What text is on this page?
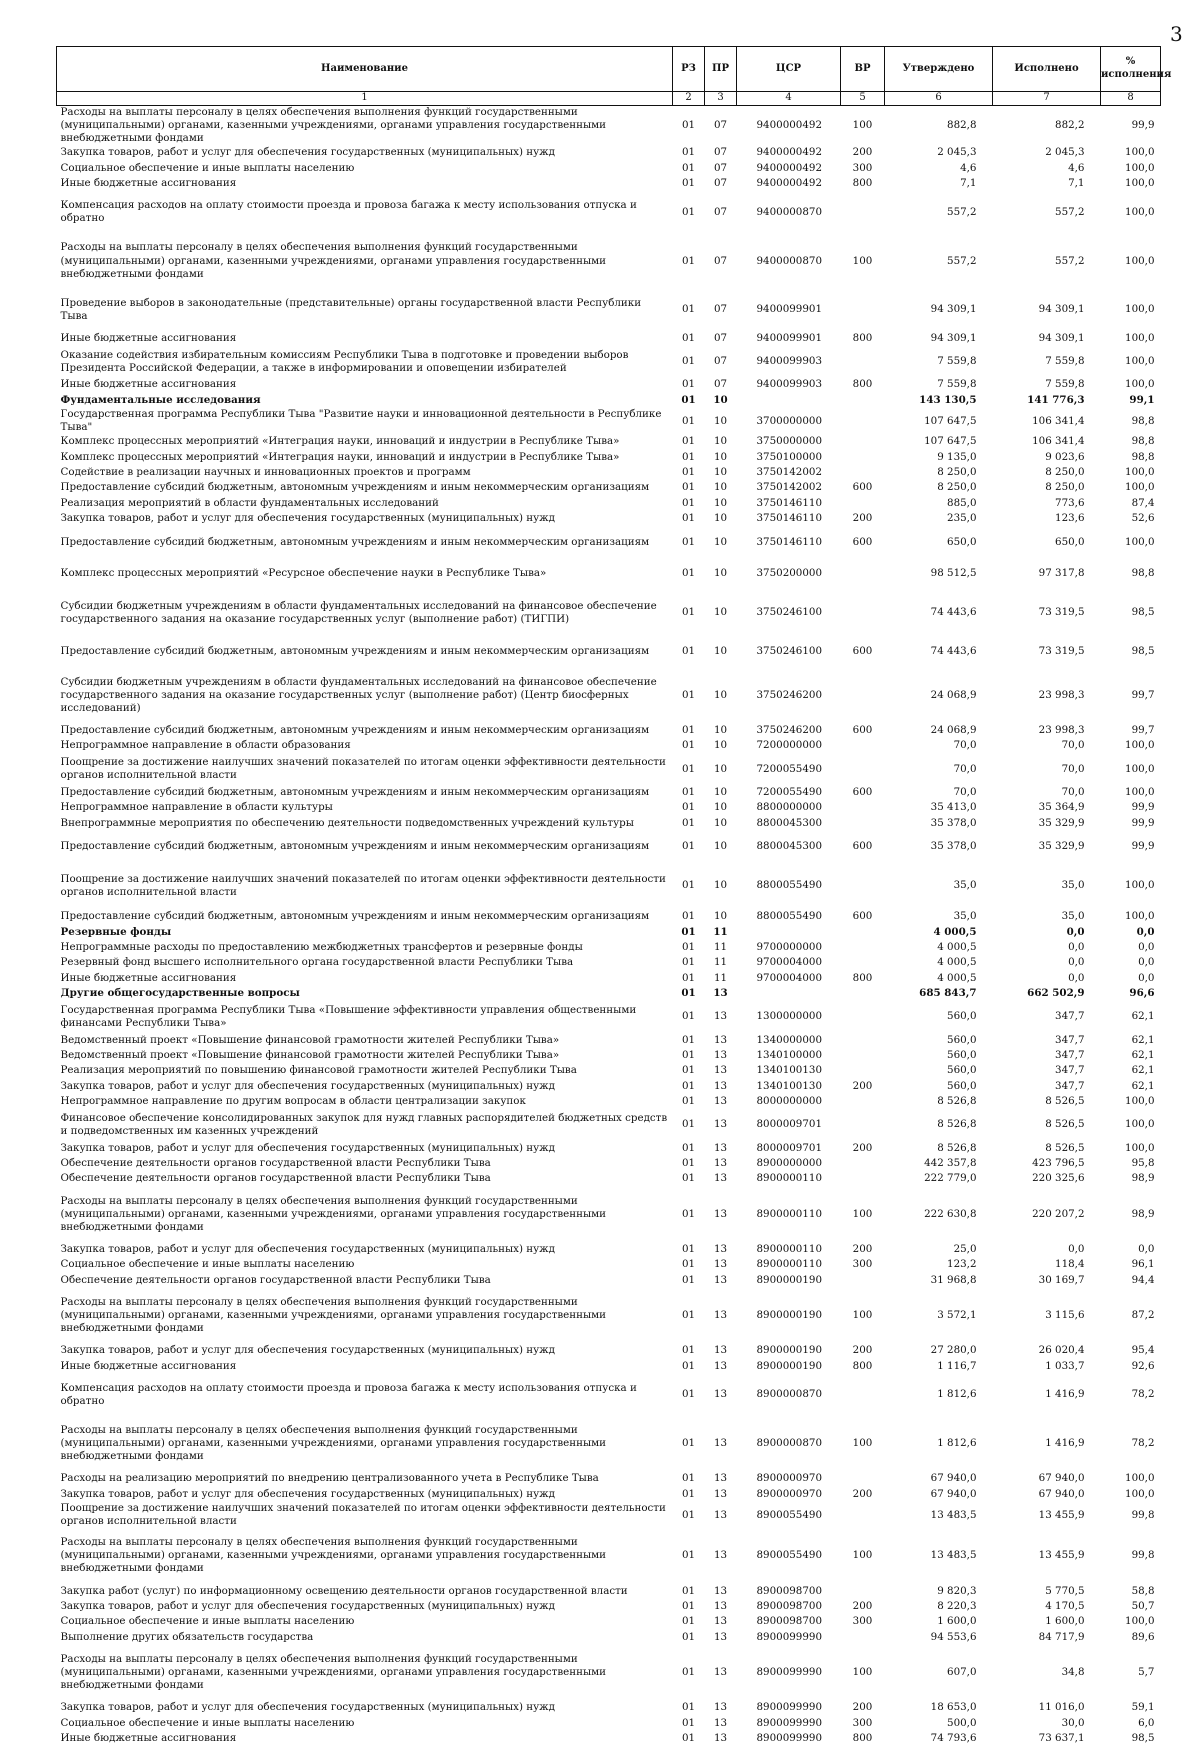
3
Наименование	РЗ	ПР	ЦСР	ВР	Утверждено	Исполнено	% исполнения
1	2	3	4	5	6	7	8
Расходы на выплаты персоналу в целях обеспечения выполнения функций государственными (муниципальными) органами, казенными учреждениями, органами управления государственными внебюджетными фондами	01	07	9400000492	100	882,8	882,2	99,9
Закупка товаров, работ и услуг для обеспечения государственных (муниципальных) нужд	01	07	9400000492	200	2 045,3	2 045,3	100,0
Социальное обеспечение и иные выплаты населению	01	07	9400000492	300	4,6	4,6	100,0
Иные бюджетные ассигнования	01	07	9400000492	800	7,1	7,1	100,0
Компенсация расходов на оплату стоимости проезда и провоза багажа к месту использования отпуска и обратно	01	07	9400000870		557,2	557,2	100,0
Расходы на выплаты персоналу в целях обеспечения выполнения функций государственными (муниципальными) органами, казенными учреждениями, органами управления государственными внебюджетными фондами	01	07	9400000870	100	557,2	557,2	100,0
Проведение выборов в законодательные (представительные) органы государственной власти Республики Тыва	01	07	9400099901		94 309,1	94 309,1	100,0
Иные бюджетные ассигнования	01	07	9400099901	800	94 309,1	94 309,1	100,0
Оказание содействия избирательным комиссиям Республики Тыва в подготовке и проведении выборов Президента Российской Федерации, а также в информировании и оповещении избирателей	01	07	9400099903		7 559,8	7 559,8	100,0
Иные бюджетные ассигнования	01	07	9400099903	800	7 559,8	7 559,8	100,0
Фундаментальные исследования	01	10			143 130,5	141 776,3	99,1
Государственная программа Республики Тыва "Развитие науки и инновационной деятельности в Республике Тыва"	01	10	3700000000		107 647,5	106 341,4	98,8
Комплекс процессных мероприятий «Интеграция науки, инноваций и индустрии в Республике Тыва»	01	10	3750000000		107 647,5	106 341,4	98,8
Комплекс процессных мероприятий «Интеграция науки, инноваций и индустрии в Республике Тыва»	01	10	3750100000		9 135,0	9 023,6	98,8
Содействие в реализации научных и инновационных проектов и программ	01	10	3750142002		8 250,0	8 250,0	100,0
Предоставление субсидий бюджетным, автономным учреждениям и иным некоммерческим организациям	01	10	3750142002	600	8 250,0	8 250,0	100,0
Реализация мероприятий в области фундаментальных исследований	01	10	3750146110		885,0	773,6	87,4
Закупка товаров, работ и услуг для обеспечения государственных (муниципальных) нужд	01	10	3750146110	200	235,0	123,6	52,6
Предоставление субсидий бюджетным, автономным учреждениям и иным некоммерческим организациям	01	10	3750146110	600	650,0	650,0	100,0
Комплекс процессных мероприятий «Ресурсное обеспечение науки в Республике Тыва»	01	10	3750200000		98 512,5	97 317,8	98,8
Субсидии бюджетным учреждениям в области фундаментальных исследований на финансовое обеспечение государственного задания на оказание государственных услуг (выполнение работ) (ТИГПИ)	01	10	3750246100		74 443,6	73 319,5	98,5
Предоставление субсидий бюджетным, автономным учреждениям и иным некоммерческим организациям	01	10	3750246100	600	74 443,6	73 319,5	98,5
Субсидии бюджетным учреждениям в области фундаментальных исследований на финансовое обеспечение государственного задания на оказание государственных услуг (выполнение работ) (Центр биосферных исследований)	01	10	3750246200		24 068,9	23 998,3	99,7
Предоставление субсидий бюджетным, автономным учреждениям и иным некоммерческим организациям	01	10	3750246200	600	24 068,9	23 998,3	99,7
Непрограммное направление в области образования	01	10	7200000000		70,0	70,0	100,0
Поощрение за достижение наилучших значений показателей по итогам оценки эффективности деятельности органов исполнительной власти	01	10	7200055490		70,0	70,0	100,0
Предоставление субсидий бюджетным, автономным учреждениям и иным некоммерческим организациям	01	10	7200055490	600	70,0	70,0	100,0
Непрограммное направление в области культуры	01	10	8800000000		35 413,0	35 364,9	99,9
Внепрограммные мероприятия по обеспечению деятельности подведомственных учреждений культуры	01	10	8800045300		35 378,0	35 329,9	99,9
Предоставление субсидий бюджетным, автономным учреждениям и иным некоммерческим организациям	01	10	8800045300	600	35 378,0	35 329,9	99,9
Поощрение за достижение наилучших значений показателей по итогам оценки эффективности деятельности органов исполнительной власти	01	10	8800055490		35,0	35,0	100,0
Предоставление субсидий бюджетным, автономным учреждениям и иным некоммерческим организациям	01	10	8800055490	600	35,0	35,0	100,0
Резервные фонды	01	11			4 000,5	0,0	0,0
Непрограммные расходы по предоставлению межбюджетных трансфертов и резервные фонды	01	11	9700000000		4 000,5	0,0	0,0
Резервный фонд высшего исполнительного органа государственной власти Республики Тыва	01	11	9700004000		4 000,5	0,0	0,0
Иные бюджетные ассигнования	01	11	9700004000	800	4 000,5	0,0	0,0
Другие общегосударственные вопросы	01	13			685 843,7	662 502,9	96,6
Государственная программа Республики Тыва «Повышение эффективности управления общественными финансами Республики Тыва»	01	13	1300000000		560,0	347,7	62,1
Ведомственный проект «Повышение финансовой грамотности жителей Республики Тыва»	01	13	1340000000		560,0	347,7	62,1
Ведомственный проект «Повышение финансовой грамотности жителей Республики Тыва»	01	13	1340100000		560,0	347,7	62,1
Реализация мероприятий по повышению финансовой грамотности жителей Республики Тыва	01	13	1340100130		560,0	347,7	62,1
Закупка товаров, работ и услуг для обеспечения государственных (муниципальных) нужд	01	13	1340100130	200	560,0	347,7	62,1
Непрограммное направление по другим вопросам в области централизации закупок	01	13	8000000000		8 526,8	8 526,5	100,0
Финансовое обеспечение консолидированных закупок для нужд главных распорядителей бюджетных средств и подведомственных им казенных учреждений	01	13	8000009701		8 526,8	8 526,5	100,0
Закупка товаров, работ и услуг для обеспечения государственных (муниципальных) нужд	01	13	8000009701	200	8 526,8	8 526,5	100,0
Обеспечение деятельности органов государственной власти Республики Тыва	01	13	8900000000		442 357,8	423 796,5	95,8
Обеспечение деятельности органов государственной власти Республики Тыва	01	13	8900000110		222 779,0	220 325,6	98,9
Расходы на выплаты персоналу в целях обеспечения выполнения функций государственными (муниципальными) органами, казенными учреждениями, органами управления государственными внебюджетными фондами	01	13	8900000110	100	222 630,8	220 207,2	98,9
Закупка товаров, работ и услуг для обеспечения государственных (муниципальных) нужд	01	13	8900000110	200	25,0	0,0	0,0
Социальное обеспечение и иные выплаты населению	01	13	8900000110	300	123,2	118,4	96,1
Обеспечение деятельности органов государственной власти Республики Тыва	01	13	8900000190		31 968,8	30 169,7	94,4
Расходы на выплаты персоналу в целях обеспечения выполнения функций государственными (муниципальными) органами, казенными учреждениями, органами управления государственными внебюджетными фондами	01	13	8900000190	100	3 572,1	3 115,6	87,2
Закупка товаров, работ и услуг для обеспечения государственных (муниципальных) нужд	01	13	8900000190	200	27 280,0	26 020,4	95,4
Иные бюджетные ассигнования	01	13	8900000190	800	1 116,7	1 033,7	92,6
Компенсация расходов на оплату стоимости проезда и провоза багажа к месту использования отпуска и обратно	01	13	8900000870		1 812,6	1 416,9	78,2
Расходы на выплаты персоналу в целях обеспечения выполнения функций государственными (муниципальными) органами, казенными учреждениями, органами управления государственными внебюджетными фондами	01	13	8900000870	100	1 812,6	1 416,9	78,2
Расходы на реализацию мероприятий по внедрению централизованного учета в Республике Тыва	01	13	8900000970		67 940,0	67 940,0	100,0
Закупка товаров, работ и услуг для обеспечения государственных (муниципальных) нужд	01	13	8900000970	200	67 940,0	67 940,0	100,0
Поощрение за достижение наилучших значений показателей по итогам оценки эффективности деятельности органов исполнительной власти	01	13	8900055490		13 483,5	13 455,9	99,8
Расходы на выплаты персоналу в целях обеспечения выполнения функций государственными (муниципальными) органами, казенными учреждениями, органами управления государственными внебюджетными фондами	01	13	8900055490	100	13 483,5	13 455,9	99,8
Закупка работ (услуг) по информационному освещению деятельности органов государственной власти	01	13	8900098700		9 820,3	5 770,5	58,8
Закупка товаров, работ и услуг для обеспечения государственных (муниципальных) нужд	01	13	8900098700	200	8 220,3	4 170,5	50,7
Социальное обеспечение и иные выплаты населению	01	13	8900098700	300	1 600,0	1 600,0	100,0
Выполнение других обязательств государства	01	13	8900099990		94 553,6	84 717,9	89,6
Расходы на выплаты персоналу в целях обеспечения выполнения функций государственными (муниципальными) органами, казенными учреждениями, органами управления государственными внебюджетными фондами	01	13	8900099990	100	607,0	34,8	5,7
Закупка товаров, работ и услуг для обеспечения государственных (муниципальных) нужд	01	13	8900099990	200	18 653,0	11 016,0	59,1
Социальное обеспечение и иные выплаты населению	01	13	8900099990	300	500,0	30,0	6,0
Иные бюджетные ассигнования	01	13	8900099990	800	74 793,6	73 637,1	98,5
